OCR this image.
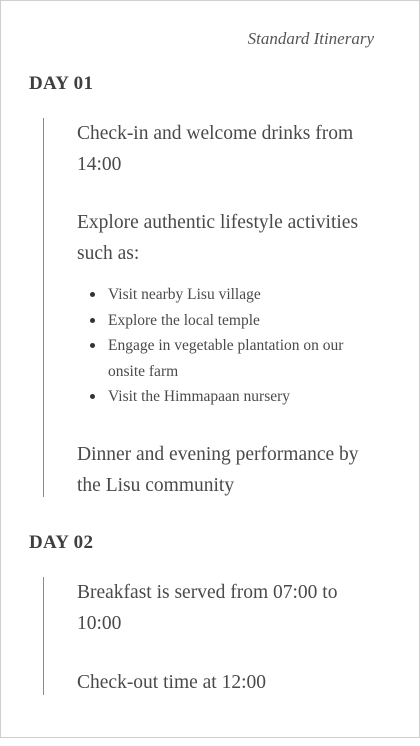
Standard Itinerary
DAY 01
Check-in and welcome drinks from 14:00
Explore authentic lifestyle activities such as:
Visit nearby Lisu village
Explore the local temple
Engage in vegetable plantation on our onsite farm
Visit the Himmapaan nursery
Dinner and evening performance by the Lisu community
DAY 02
Breakfast is served from 07:00 to 10:00
Check-out time at 12:00
